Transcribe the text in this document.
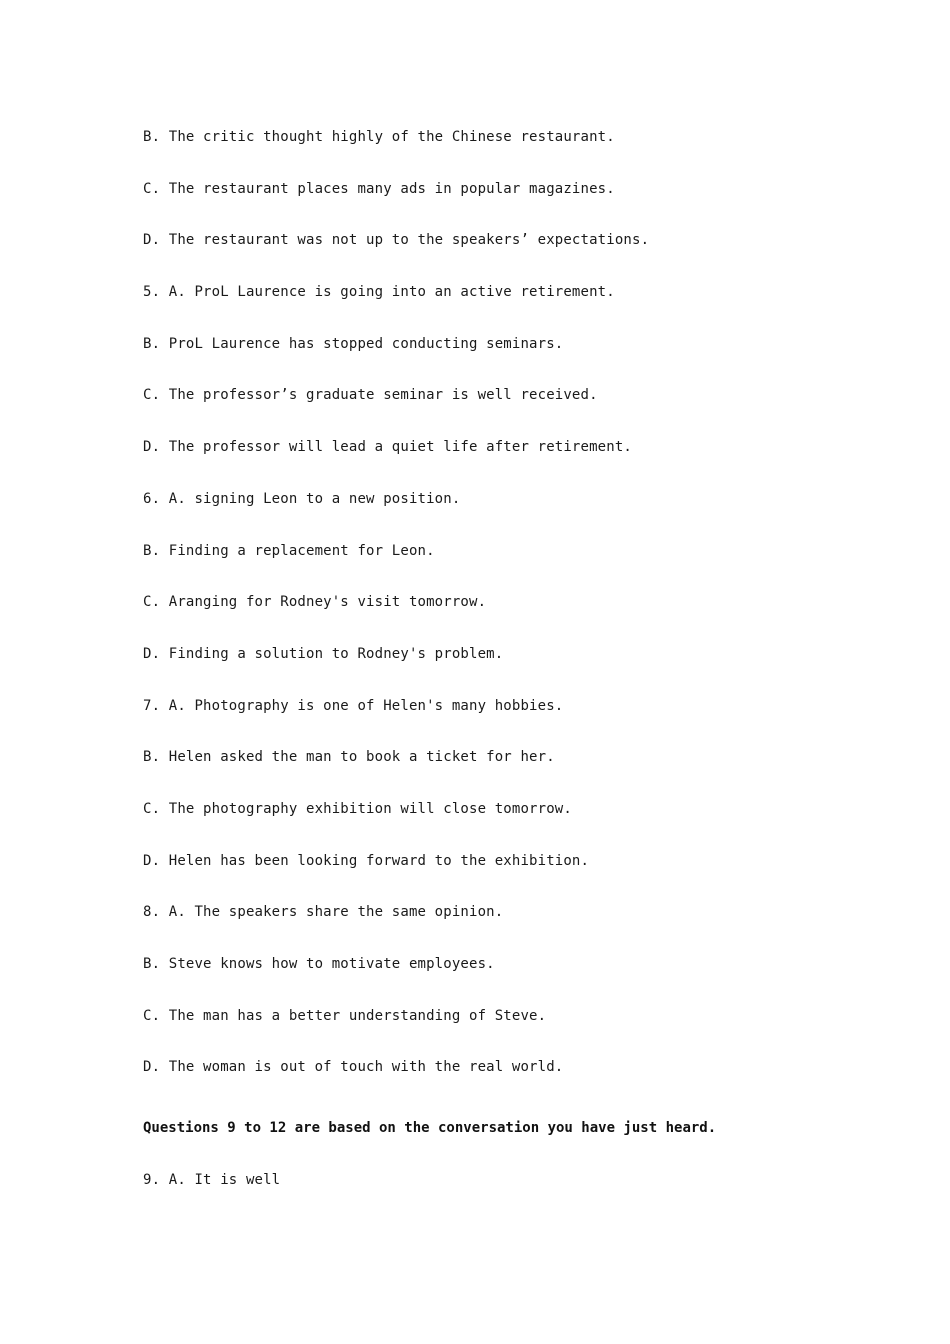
B. The critic thought highly of the Chinese restaurant.
C. The restaurant places many ads in popular magazines.
D. The restaurant was not up to the speakers’ expectations.
5. A. ProL Laurence is going into an active retirement.
B. ProL Laurence has stopped conducting seminars.
C. The professor’s graduate seminar is well received.
D. The professor will lead a quiet life after retirement.
6. A. signing Leon to a new position.
B. Finding a replacement for Leon.
C. Aranging for Rodney's visit tomorrow.
D. Finding a solution to Rodney's problem.
7. A. Photography is one of Helen's many hobbies.
B. Helen asked the man to book a ticket for her.
C. The photography exhibition will close tomorrow.
D. Helen has been looking forward to the exhibition.
8. A. The speakers share the same opinion.
B. Steve knows how to motivate employees.
C. The man has a better understanding of Steve.
D. The woman is out of touch with the real world.
Questions 9 to 12 are based on the conversation you have just heard.
9. A. It is well
